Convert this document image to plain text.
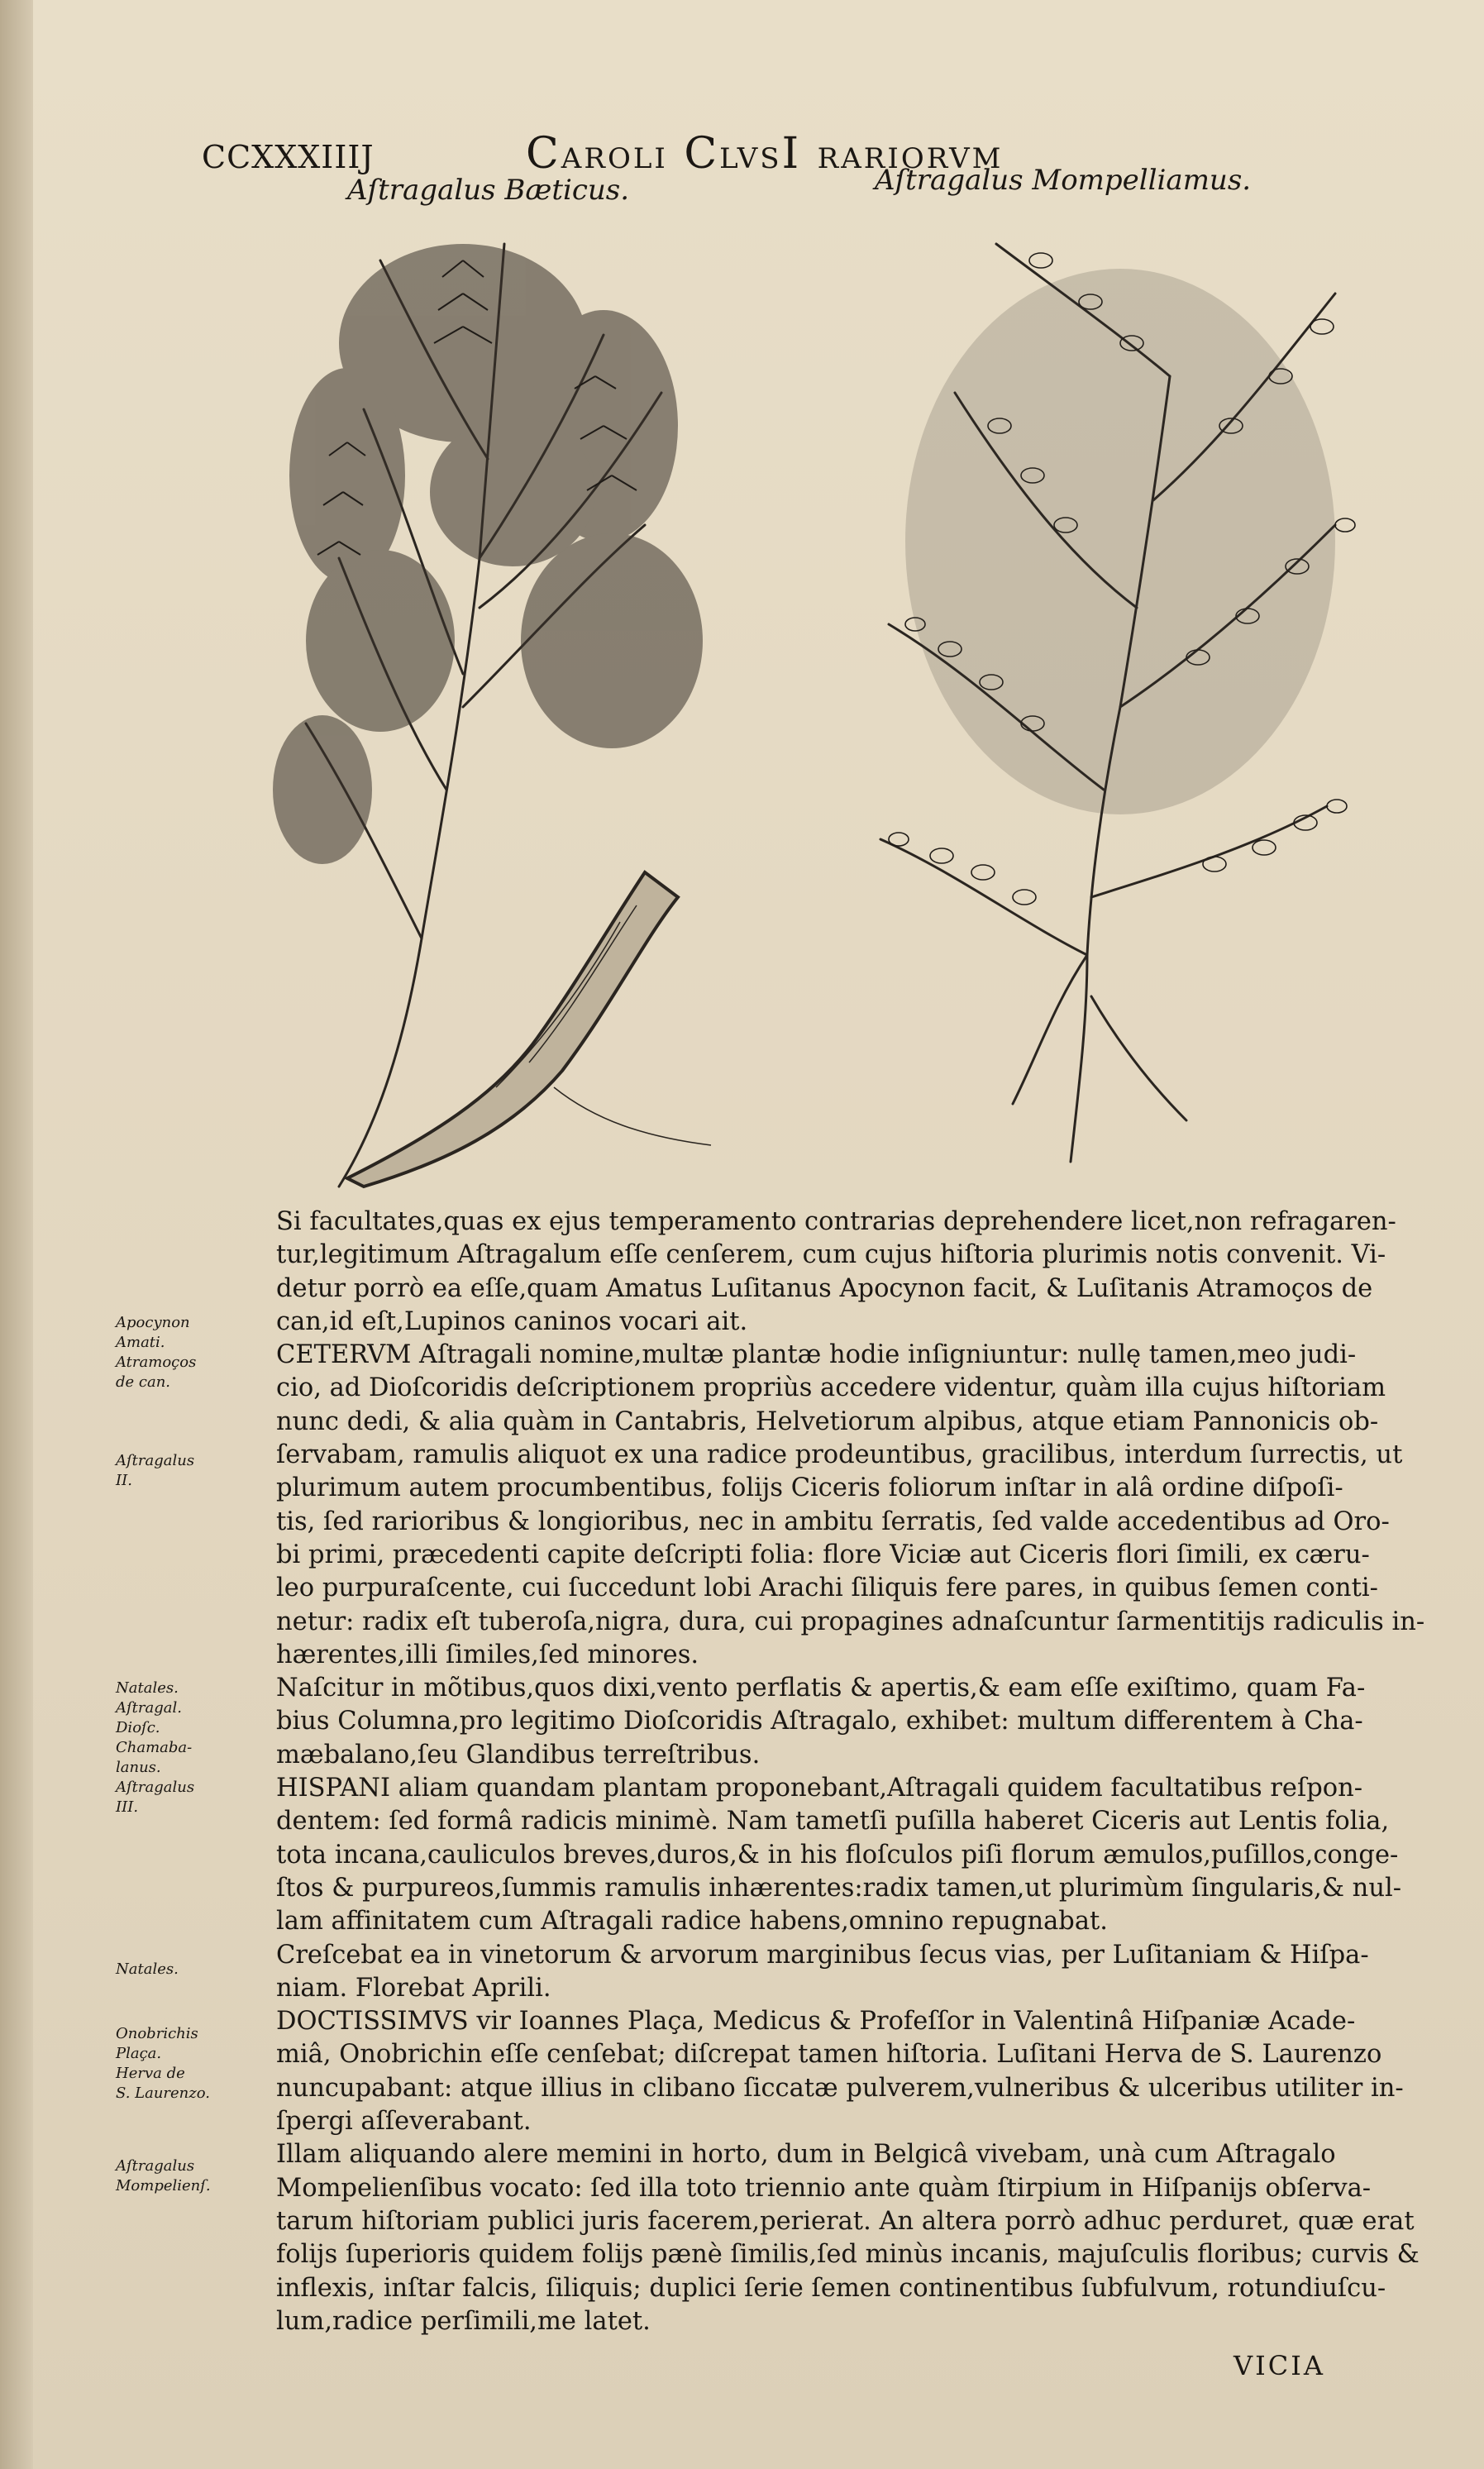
CCXXXIIIJ	CAROLI CLVSI RARIORVM
Aſtragalus Bæticus.	Aſtragalus Mompelliamus.
Apocynon
Amati.
Atramoços
de can.
Aſtragalus
II.
Natales.
Aſtragal.
Dioſc.
Chamaba-
lanus.
Aſtragalus
III.
Natales.
Onobrichis
Plaça.
Herva de
S. Laurenzo.
Aſtragalus
Mompelienſ.

Si facultates,quas ex ejus temperamento contrarias deprehendere licet,non refragaren-
tur,legitimum Aſtragalum eſſe cenſerem, cum cujus hiſtoria plurimis notis convenit. Vi-
detur porrò ea eſſe,quam Amatus Luſitanus Apocynon facit, & Luſitanis Atramoços de
can,id eſt,Lupinos caninos vocari ait.

CETERVM Aſtragali nomine,multæ plantæ hodie inſigniuntur: nullę tamen,meo judi-
cio, ad Dioſcoridis deſcriptionem propriùs accedere videntur, quàm illa cujus hiſtoriam
nunc dedi, & alia quàm in Cantabris, Helvetiorum alpibus, atque etiam Pannonicis ob-
ſervabam, ramulis aliquot ex una radice prodeuntibus, gracilibus, interdum ſurrectis, ut
plurimum autem procumbentibus, folijs Ciceris foliorum inſtar in alâ ordine diſpoſi-
tis, ſed rarioribus & longioribus, nec in ambitu ſerratis, ſed valde accedentibus ad Oro-
bi primi, præcedenti capite deſcripti folia: flore Viciæ aut Ciceris flori ſimili, ex cæru-
leo purpuraſcente, cui ſuccedunt lobi Arachi ſiliquis fere pares, in quibus ſemen conti-
netur: radix eſt tuberoſa,nigra, dura, cui propagines adnaſcuntur ſarmentitijs radiculis in-
hærentes,illi ſimiles,ſed minores.

Naſcitur in mõtibus,quos dixi,vento perflatis & apertis,& eam eſſe exiſtimo, quam Fa-
bius Columna,pro legitimo Dioſcoridis Aſtragalo, exhibet: multum differentem à Cha-
mæbalano,ſeu Glandibus terreſtribus.

HISPANI aliam quandam plantam proponebant,Aſtragali quidem facultatibus reſpon-
dentem: ſed formâ radicis minimè. Nam tametſi puſilla haberet Ciceris aut Lentis folia,
tota incana,cauliculos breves,duros,& in his floſculos piſi florum æmulos,puſillos,conge-
ſtos & purpureos,ſummis ramulis inhærentes:radix tamen,ut plurimùm ſingularis,& nul-
lam affinitatem cum Aſtragali radice habens,omnino repugnabat.

Creſcebat ea in vinetorum & arvorum marginibus ſecus vias, per Luſitaniam & Hiſpa-
niam. Florebat Aprili.

DOCTISSIMVS vir Ioannes Plaça, Medicus & Profeſſor in Valentinâ Hiſpaniæ Acade-
miâ, Onobrichin eſſe cenſebat; diſcrepat tamen hiſtoria. Luſitani Herva de S. Laurenzo
nuncupabant: atque illius in clibano ſiccatæ pulverem,vulneribus & ulceribus utiliter in-
ſpergi aſſeverabant.

Illam aliquando alere memini in horto, dum in Belgicâ vivebam, unà cum Aſtragalo
Mompelienſibus vocato: ſed illa toto triennio ante quàm ſtirpium in Hiſpanijs obſerva-
tarum hiſtoriam publici juris facerem,perierat. An altera porrò adhuc perduret, quæ erat
folijs ſuperioris quidem folijs pænè ſimilis,ſed minùs incanis, majuſculis floribus; curvis &
inflexis, inſtar falcis, ſiliquis; duplici ſerie ſemen continentibus ſubfulvum, rotundiuſcu-
lum,radice perſimili,me latet.

VICIA
